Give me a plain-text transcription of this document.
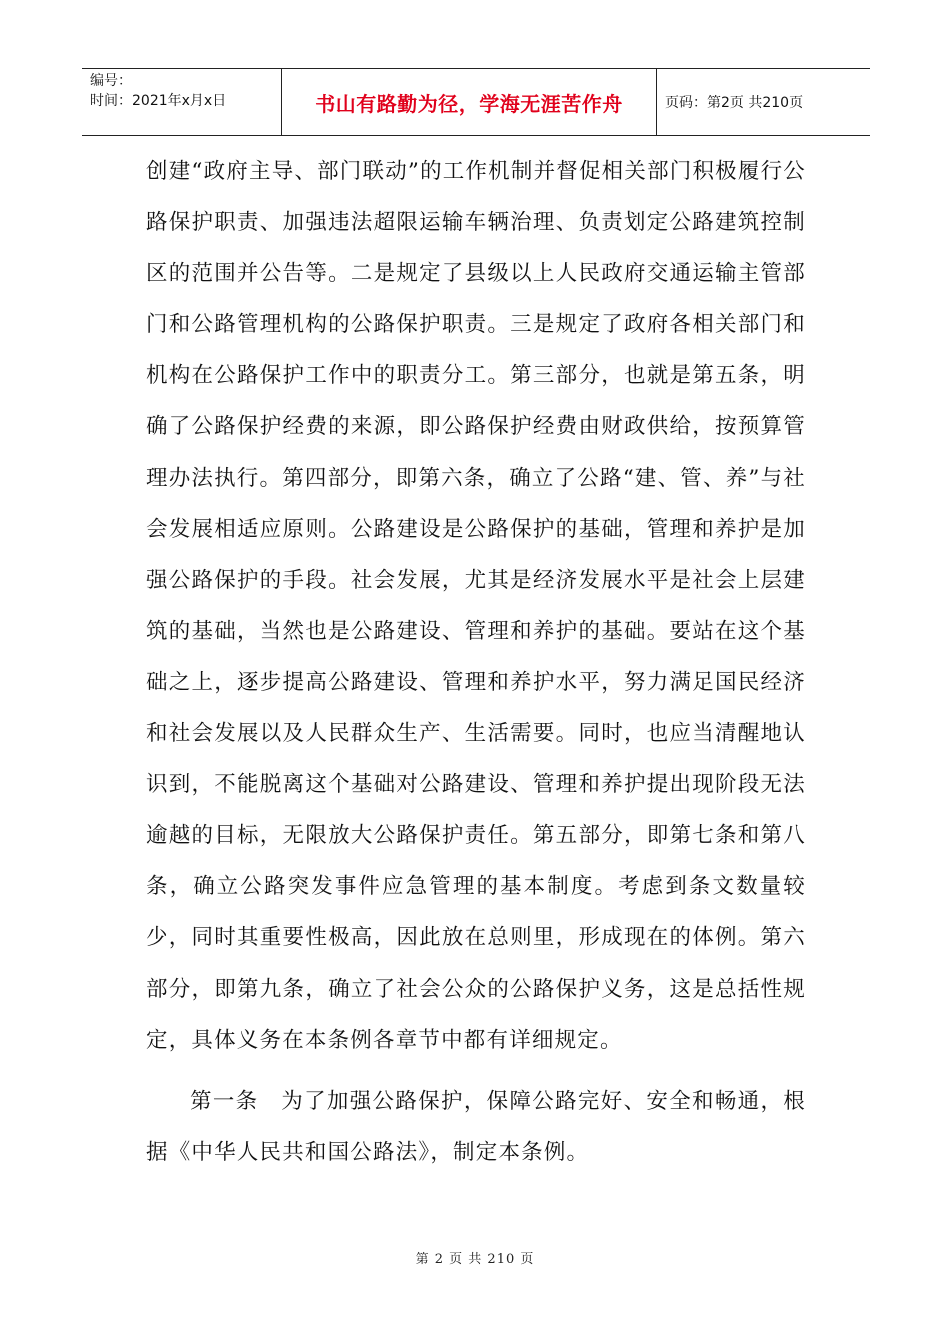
编号：
时间：2021年x月x日	书山有路勤为径，学海无涯苦作舟	页码：第2页 共210页

创建“政府主导、部门联动”的工作机制并督促相关部门积极履行公路保护职责、加强违法超限运输车辆治理、负责划定公路建筑控制区的范围并公告等。二是规定了县级以上人民政府交通运输主管部门和公路管理机构的公路保护职责。三是规定了政府各相关部门和机构在公路保护工作中的职责分工。第三部分，也就是第五条，明确了公路保护经费的来源，即公路保护经费由财政供给，按预算管理办法执行。第四部分，即第六条，确立了公路“建、管、养”与社会发展相适应原则。公路建设是公路保护的基础，管理和养护是加强公路保护的手段。社会发展，尤其是经济发展水平是社会上层建筑的基础，当然也是公路建设、管理和养护的基础。要站在这个基础之上，逐步提高公路建设、管理和养护水平，努力满足国民经济和社会发展以及人民群众生产、生活需要。同时，也应当清醒地认识到，不能脱离这个基础对公路建设、管理和养护提出现阶段无法逾越的目标，无限放大公路保护责任。第五部分，即第七条和第八条，确立公路突发事件应急管理的基本制度。考虑到条文数量较少，同时其重要性极高，因此放在总则里，形成现在的体例。第六部分，即第九条，确立了社会公众的公路保护义务，这是总括性规定，具体义务在本条例各章节中都有详细规定。

第一条　为了加强公路保护，保障公路完好、安全和畅通，根据《中华人民共和国公路法》，制定本条例。

第 2 页 共 210 页
